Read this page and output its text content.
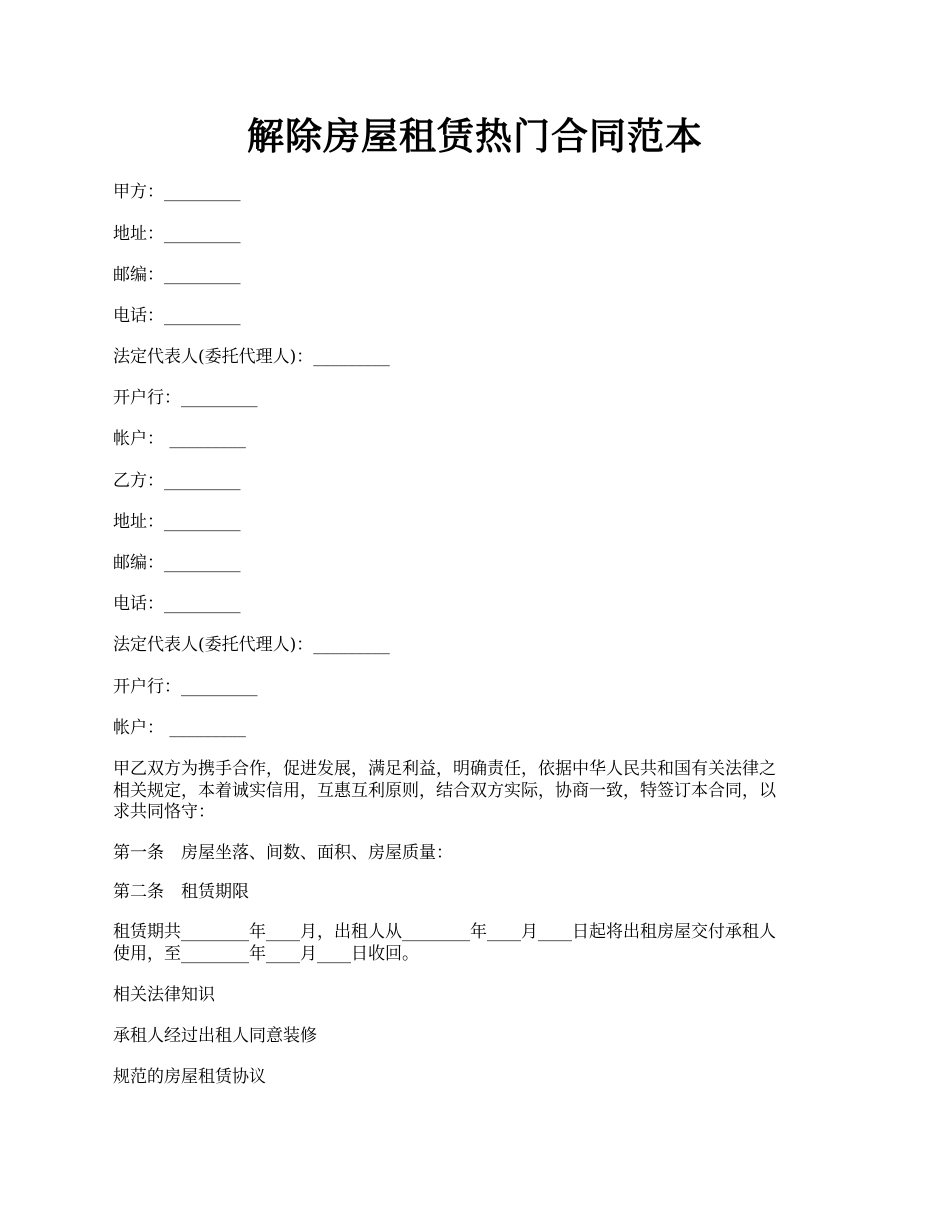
解除房屋租赁热门合同范本
甲方：_________
地址：_________
邮编：_________
电话：_________
法定代表人(委托代理人)：_________
开户行：_________
帐户： _________
乙方：_________
地址：_________
邮编：_________
电话：_________
法定代表人(委托代理人)：_________
开户行：_________
帐户： _________
甲乙双方为携手合作，促进发展，满足利益，明确责任，依据中华人民共和国有关法律之
相关规定，本着诚实信用，互惠互利原则，结合双方实际，协商一致，特签订本合同，以
求共同恪守：
第一条　房屋坐落、间数、面积、房屋质量：
第二条　租赁期限
租赁期共________年____月，出租人从________年____月____日起将出租房屋交付承租人
使用，至________年____月____日收回。
相关法律知识
承租人经过出租人同意装修
规范的房屋租赁协议
